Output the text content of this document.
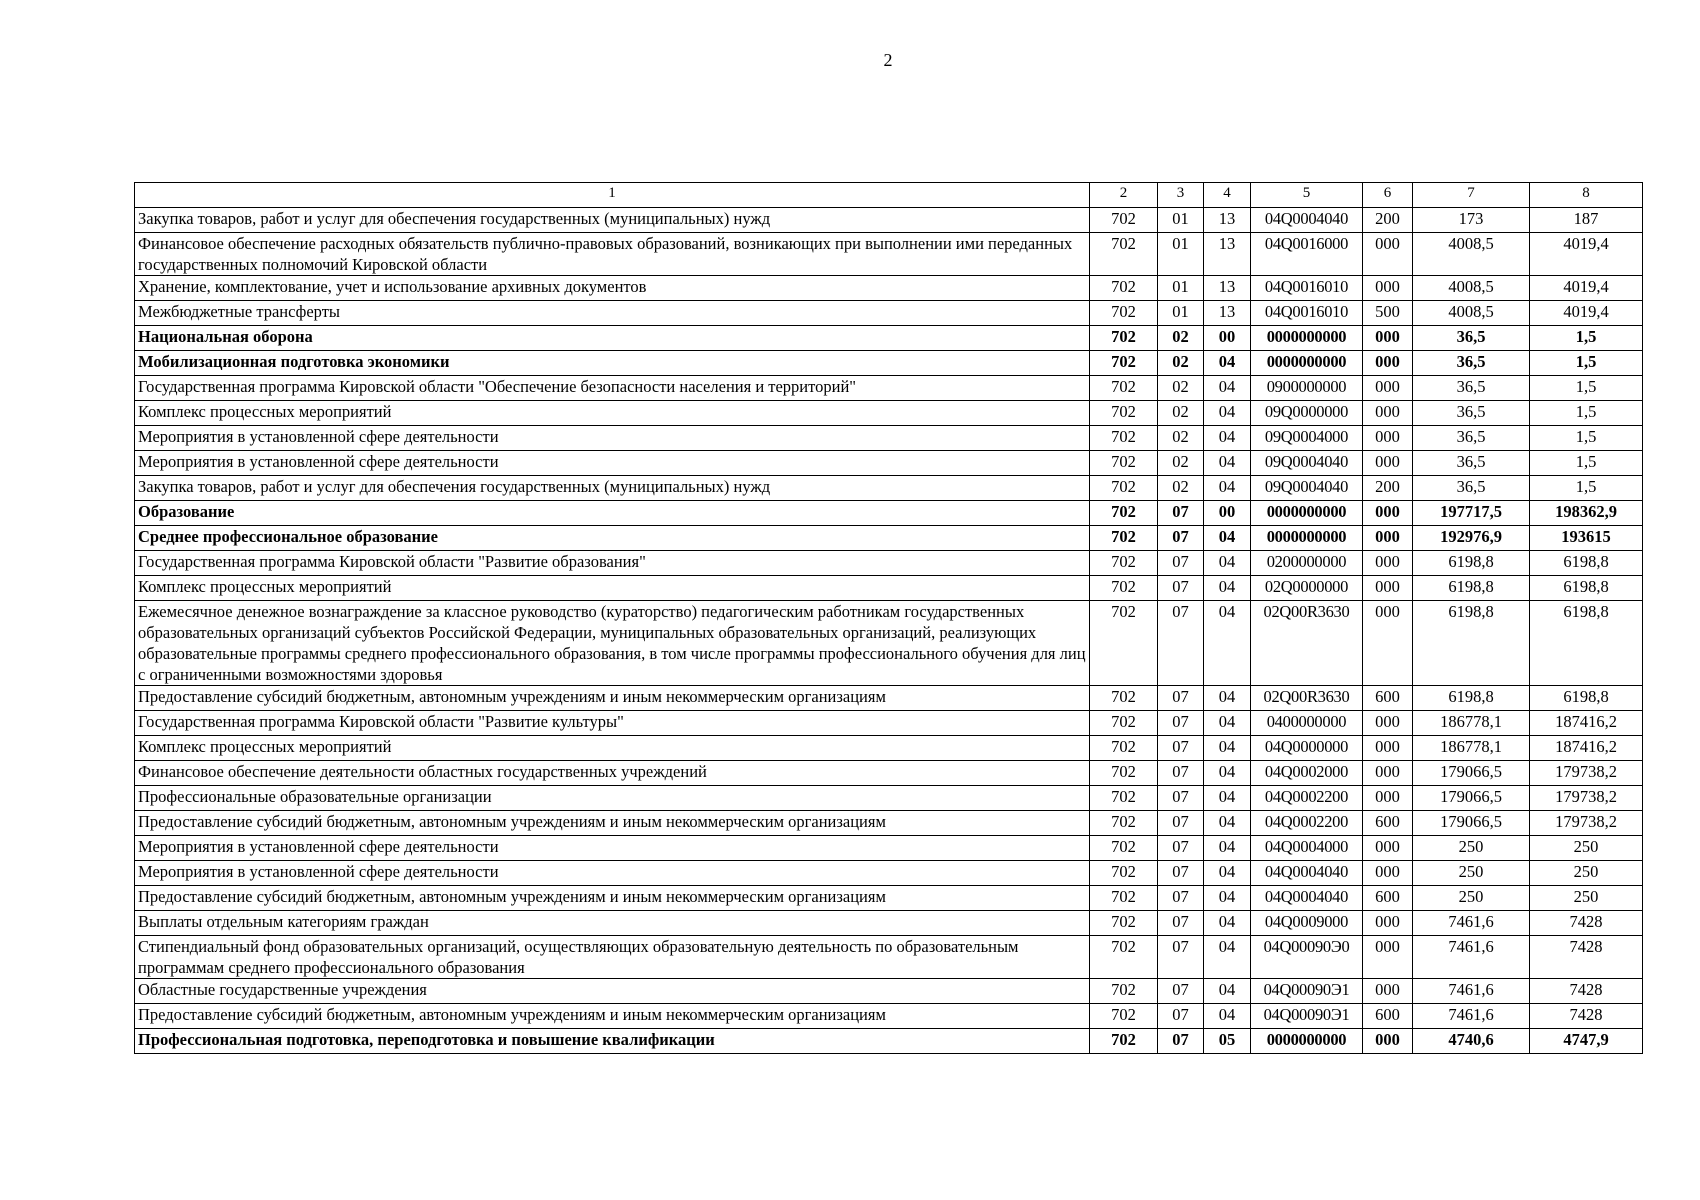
2
1	2	3	4	5	6	7	8
Закупка товаров, работ и услуг для обеспечения государственных (муниципальных) нужд	702	01	13	04Q0004040	200	173	187
Финансовое обеспечение расходных обязательств публично-правовых образований, возникающих при выполнении ими переданных государственных полномочий Кировской области	702	01	13	04Q0016000	000	4008,5	4019,4
Хранение, комплектование, учет и использование архивных документов	702	01	13	04Q0016010	000	4008,5	4019,4
Межбюджетные трансферты	702	01	13	04Q0016010	500	4008,5	4019,4
Национальная оборона	702	02	00	0000000000	000	36,5	1,5
Мобилизационная подготовка экономики	702	02	04	0000000000	000	36,5	1,5
Государственная программа Кировской области "Обеспечение безопасности населения и территорий"	702	02	04	0900000000	000	36,5	1,5
Комплекс процессных мероприятий	702	02	04	09Q0000000	000	36,5	1,5
Мероприятия в установленной сфере деятельности	702	02	04	09Q0004000	000	36,5	1,5
Мероприятия в установленной сфере деятельности	702	02	04	09Q0004040	000	36,5	1,5
Закупка товаров, работ и услуг для обеспечения государственных (муниципальных) нужд	702	02	04	09Q0004040	200	36,5	1,5
Образование	702	07	00	0000000000	000	197717,5	198362,9
Среднее профессиональное образование	702	07	04	0000000000	000	192976,9	193615
Государственная программа Кировской области "Развитие образования"	702	07	04	0200000000	000	6198,8	6198,8
Комплекс процессных мероприятий	702	07	04	02Q0000000	000	6198,8	6198,8
Ежемесячное денежное вознаграждение за классное руководство (кураторство) педагогическим работникам государственных образовательных организаций субъектов Российской Федерации, муниципальных образовательных организаций, реализующих образовательные программы среднего профессионального образования, в том числе программы профессионального обучения для лиц с ограниченными возможностями здоровья	702	07	04	02Q00R3630	000	6198,8	6198,8
Предоставление субсидий бюджетным, автономным учреждениям и иным некоммерческим организациям	702	07	04	02Q00R3630	600	6198,8	6198,8
Государственная программа Кировской области "Развитие культуры"	702	07	04	0400000000	000	186778,1	187416,2
Комплекс процессных мероприятий	702	07	04	04Q0000000	000	186778,1	187416,2
Финансовое обеспечение деятельности областных государственных учреждений	702	07	04	04Q0002000	000	179066,5	179738,2
Профессиональные образовательные организации	702	07	04	04Q0002200	000	179066,5	179738,2
Предоставление субсидий бюджетным, автономным учреждениям и иным некоммерческим организациям	702	07	04	04Q0002200	600	179066,5	179738,2
Мероприятия в установленной сфере деятельности	702	07	04	04Q0004000	000	250	250
Мероприятия в установленной сфере деятельности	702	07	04	04Q0004040	000	250	250
Предоставление субсидий бюджетным, автономным учреждениям и иным некоммерческим организациям	702	07	04	04Q0004040	600	250	250
Выплаты отдельным категориям граждан	702	07	04	04Q0009000	000	7461,6	7428
Стипендиальный фонд образовательных организаций, осуществляющих образовательную деятельность по образовательным программам среднего профессионального образования	702	07	04	04Q00090Э0	000	7461,6	7428
Областные государственные учреждения	702	07	04	04Q00090Э1	000	7461,6	7428
Предоставление субсидий бюджетным, автономным учреждениям и иным некоммерческим организациям	702	07	04	04Q00090Э1	600	7461,6	7428
Профессиональная подготовка, переподготовка и повышение квалификации	702	07	05	0000000000	000	4740,6	4747,9
